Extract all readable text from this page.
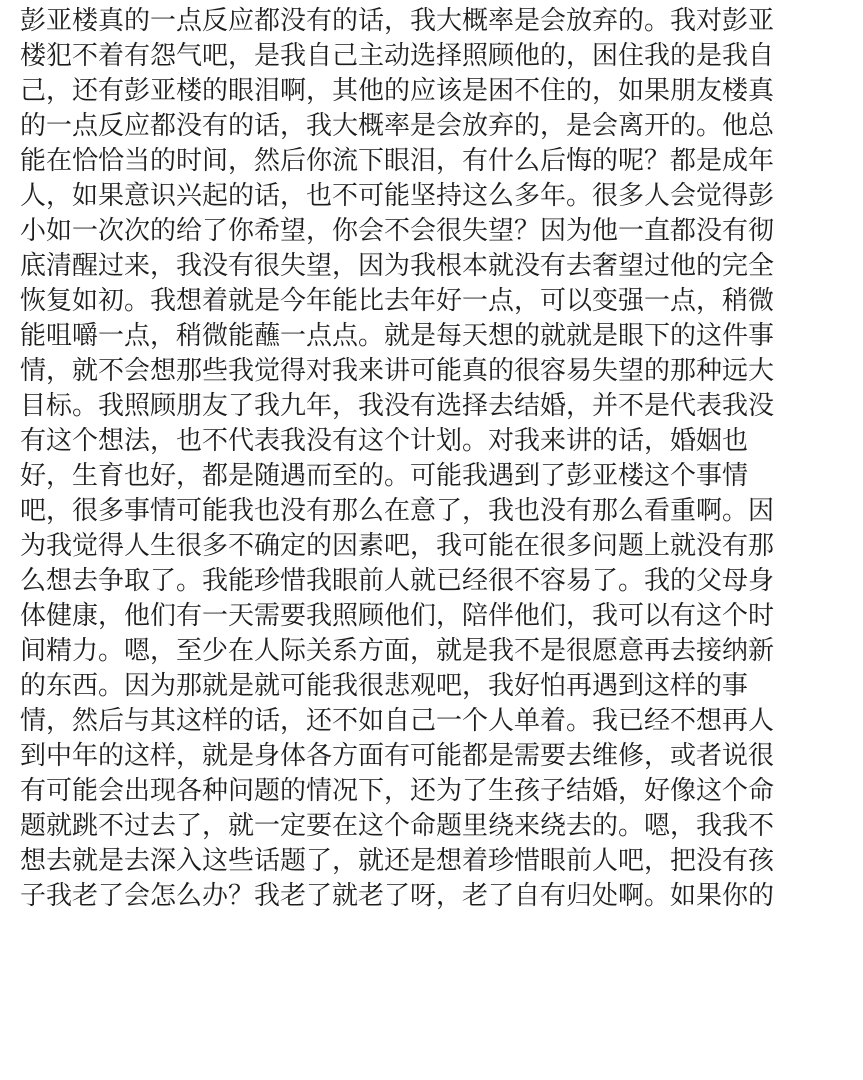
彭亚楼真的一点反应都没有的话，我大概率是会放弃的。我对彭亚
楼犯不着有怨气吧，是我自己主动选择照顾他的，困住我的是我自
己，还有彭亚楼的眼泪啊，其他的应该是困不住的，如果朋友楼真
的一点反应都没有的话，我大概率是会放弃的，是会离开的。他总
能在恰恰当的时间，然后你流下眼泪，有什么后悔的呢？都是成年
人，如果意识兴起的话，也不可能坚持这么多年。很多人会觉得彭
小如一次次的给了你希望，你会不会很失望？因为他一直都没有彻
底清醒过来，我没有很失望，因为我根本就没有去奢望过他的完全
恢复如初。我想着就是今年能比去年好一点，可以变强一点，稍微
能咀嚼一点，稍微能蘸一点点。就是每天想的就就是眼下的这件事
情，就不会想那些我觉得对我来讲可能真的很容易失望的那种远大
目标。我照顾朋友了我九年，我没有选择去结婚，并不是代表我没
有这个想法，也不代表我没有这个计划。对我来讲的话，婚姻也
好，生育也好，都是随遇而至的。可能我遇到了彭亚楼这个事情
吧，很多事情可能我也没有那么在意了，我也没有那么看重啊。因
为我觉得人生很多不确定的因素吧，我可能在很多问题上就没有那
么想去争取了。我能珍惜我眼前人就已经很不容易了。我的父母身
体健康，他们有一天需要我照顾他们，陪伴他们，我可以有这个时
间精力。嗯，至少在人际关系方面，就是我不是很愿意再去接纳新
的东西。因为那就是就可能我很悲观吧，我好怕再遇到这样的事
情，然后与其这样的话，还不如自己一个人单着。我已经不想再人
到中年的这样，就是身体各方面有可能都是需要去维修，或者说很
有可能会出现各种问题的情况下，还为了生孩子结婚，好像这个命
题就跳不过去了，就一定要在这个命题里绕来绕去的。嗯，我我不
想去就是去深入这些话题了，就还是想着珍惜眼前人吧，把没有孩
子我老了会怎么办？我老了就老了呀，老了自有归处啊。如果你的
